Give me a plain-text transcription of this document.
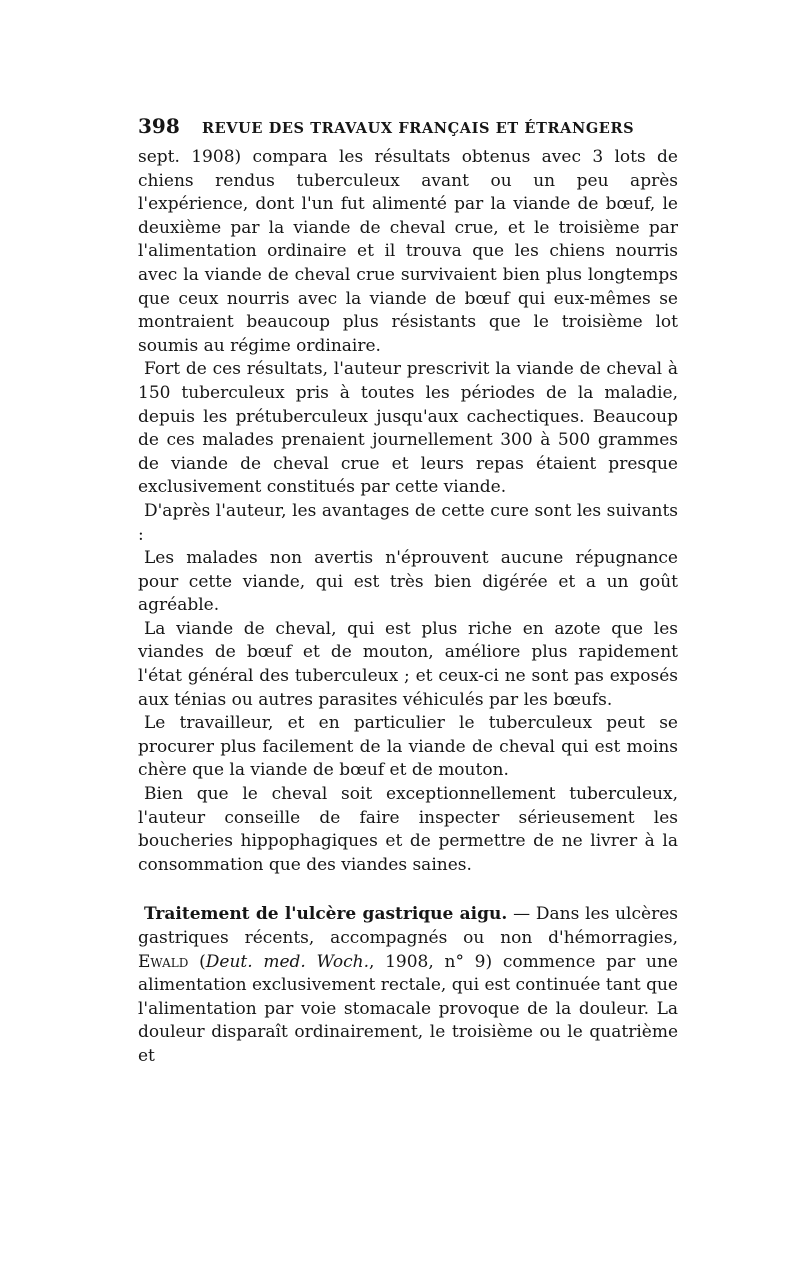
398	REVUE DES TRAVAUX FRANÇAIS ET ÉTRANGERS

sept. 1908) compara les résultats obtenus avec 3 lots de chiens rendus tuberculeux avant ou un peu après l'expérience, dont l'un fut alimenté par la viande de bœuf, le deuxième par la viande de cheval crue, et le troisième par l'alimentation ordinaire et il trouva que les chiens nourris avec la viande de cheval crue survivaient bien plus longtemps que ceux nourris avec la viande de bœuf qui eux-mêmes se montraient beaucoup plus résistants que le troisième lot soumis au régime ordinaire.

Fort de ces résultats, l'auteur prescrivit la viande de cheval à 150 tuberculeux pris à toutes les périodes de la maladie, depuis les prétuberculeux jusqu'aux cachectiques. Beaucoup de ces malades prenaient journellement 300 à 500 grammes de viande de cheval crue et leurs repas étaient presque exclusivement constitués par cette viande.

D'après l'auteur, les avantages de cette cure sont les suivants :

Les malades non avertis n'éprouvent aucune répugnance pour cette viande, qui est très bien digérée et a un goût agréable.

La viande de cheval, qui est plus riche en azote que les viandes de bœuf et de mouton, améliore plus rapidement l'état général des tuberculeux ; et ceux-ci ne sont pas exposés aux ténias ou autres parasites véhiculés par les bœufs.

Le travailleur, et en particulier le tuberculeux peut se procurer plus facilement de la viande de cheval qui est moins chère que la viande de bœuf et de mouton.

Bien que le cheval soit exceptionnellement tuberculeux, l'auteur conseille de faire inspecter sérieusement les boucheries hippophagiques et de permettre de ne livrer à la consommation que des viandes saines.

Traitement de l'ulcère gastrique aigu. — Dans les ulcères gastriques récents, accompagnés ou non d'hémorragies, Ewald (Deut. med. Woch., 1908, n° 9) commence par une alimentation exclusivement rectale, qui est continuée tant que l'alimentation par voie stomacale provoque de la douleur. La douleur disparaît ordinairement, le troisième ou le quatrième et
